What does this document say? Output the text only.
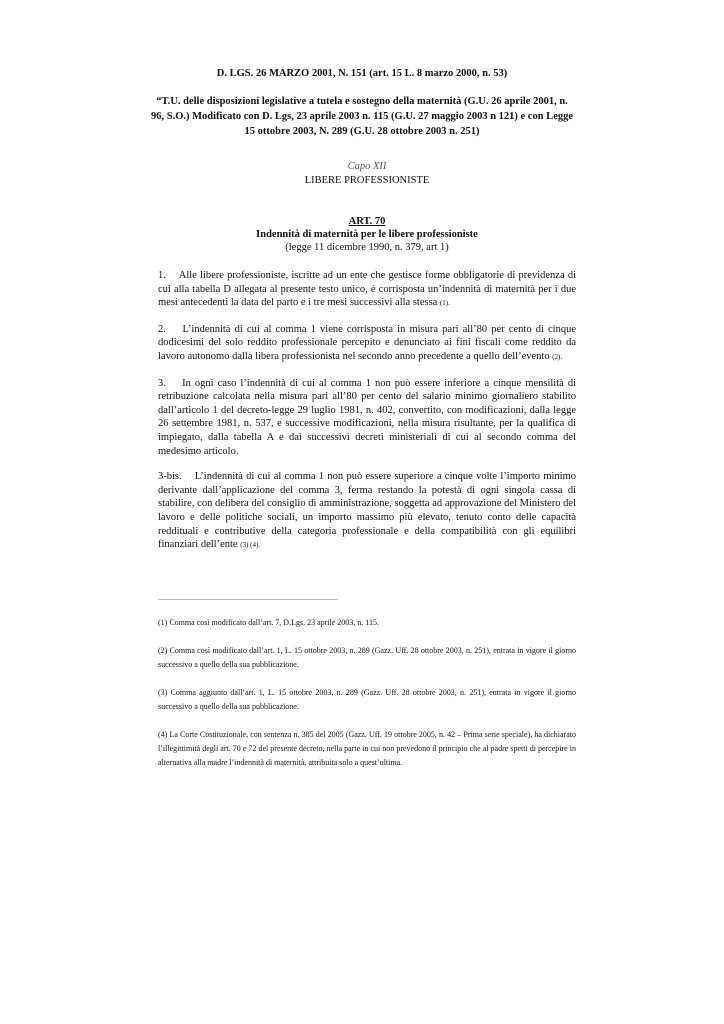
D. LGS. 26 MARZO 2001, N. 151 (art. 15 L. 8 marzo 2000, n. 53)
“T.U. delle disposizioni legislative a tutela e sostegno della maternità (G.U. 26 aprile 2001, n. 96, S.O.) Modificato con D. Lgs, 23 aprile 2003 n. 115 (G.U. 27 maggio 2003 n 121) e con Legge 15 ottobre 2003, N. 289 (G.U. 28 ottobre 2003 n. 251)
Capo XII
LIBERE PROFESSIONISTE
ART. 70
Indennità di maternità per le libere professioniste
(legge 11 dicembre 1990, n. 379, art 1)

1. Alle libere professioniste, iscritte ad un ente che gestisce forme obbligatorie di previdenza di cui alla tabella D allegata al presente testo unico, è corrisposta un’indennità di maternità per i due mesi antecedenti la data del parto e i tre mesi successivi alla stessa (1).

2. L’indennità di cui al comma 1 viene corrisposta in misura pari all’80 per cento di cinque dodicesimi del solo reddito professionale percepito e denunciato ai fini fiscali come reddito da lavoro autonomo dalla libera professionista nel secondo anno precedente a quello dell’evento (2).

3. In ogni caso l’indennità di cui al comma 1 non può essere inferiore a cinque mensilità di retribuzione calcolata nella misura pari all’80 per cento del salario minimo giornaliero stabilito dall’articolo 1 del decreto-legge 29 luglio 1981, n. 402, convertito, con modificazioni, dalla legge 26 settembre 1981, n. 537, e successive modificazioni, nella misura risultante, per la qualifica di impiegato, dalla tabella A e dai successivi decreti ministeriali di cui al secondo comma del medesimo articolo.

3-bis. L’indennità di cui al comma 1 non può essere superiore a cinque volte l’importo minimo derivante dall’applicazione del comma 3, ferma restando la potestà di ogni singola cassa di stabilire, con delibera del consiglio di amministrazione, soggetta ad approvazione del Ministero del lavoro e delle politiche sociali, un importo massimo più elevato, tenuto conto delle capacità reddituali e contributive della categoria professionale e della compatibilità con gli equilibri finanziari dell’ente (3) (4).

(1) Comma così modificato dall’art. 7, D.Lgs. 23 aprile 2003, n. 115.

(2) Comma così modificato dall’art. 1, L. 15 ottobre 2003, n. 289 (Gazz. Uff. 28 ottobre 2003, n. 251), entrata in vigore il giorno successivo a quello della sua pubblicazione.

(3) Comma aggiunto dall’art. 1, L. 15 ottobre 2003, n. 289 (Gazz. Uff. 28 ottobre 2003, n. 251), entrata in vigore il giorno successivo a quello della sua pubblicazione.

(4) La Corte Costituzionale, con sentenza n. 385 del 2005 (Gazz. Uff. 19 ottobre 2005, n. 42 – Prima serie speciale), ha dichiarato l’illegittimità degli art. 70 e 72 del presente decreto, nella parte in cui non prevedono il principio che al padre spetti di percepire in alternativa alla madre l’indennità di maternità, attribuita solo a quest’ultima.
